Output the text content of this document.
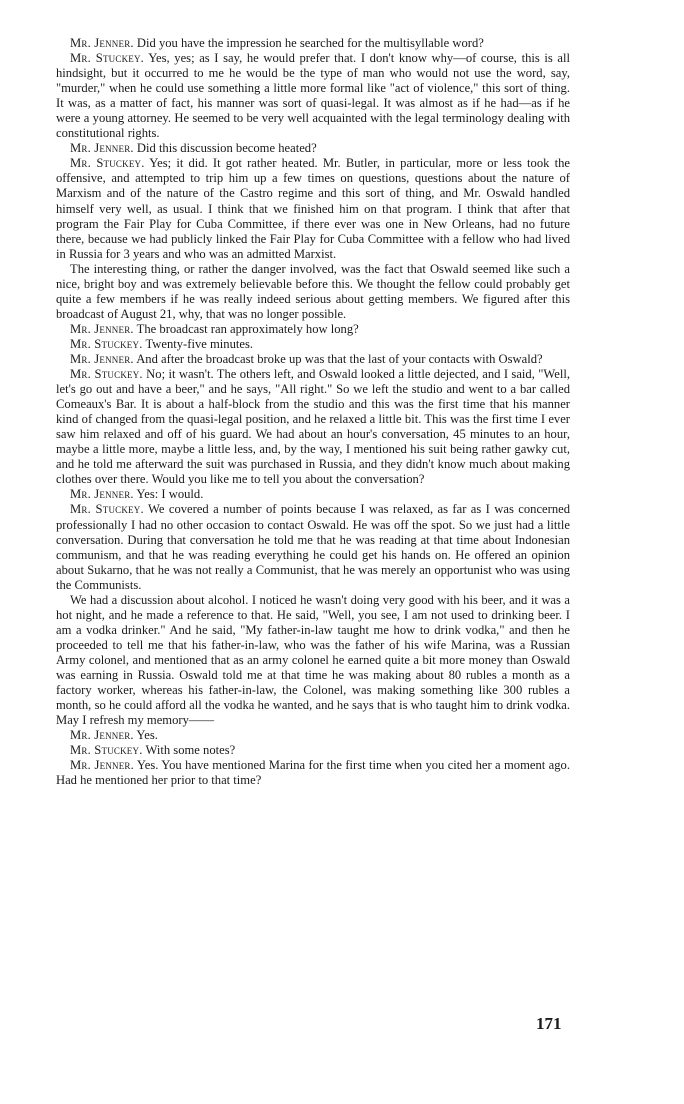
Mr. Jenner. Did you have the impression he searched for the multisyllable word?

Mr. Stuckey. Yes, yes; as I say, he would prefer that. I don't know why—of course, this is all hindsight, but it occurred to me he would be the type of man who would not use the word, say, "murder," when he could use something a little more formal like "act of violence," this sort of thing. It was, as a matter of fact, his manner was sort of quasi-legal. It was almost as if he had—as if he were a young attorney. He seemed to be very well acquainted with the legal terminology dealing with constitutional rights.

Mr. Jenner. Did this discussion become heated?

Mr. Stuckey. Yes; it did. It got rather heated. Mr. Butler, in particular, more or less took the offensive, and attempted to trip him up a few times on questions, questions about the nature of Marxism and of the nature of the Castro regime and this sort of thing, and Mr. Oswald handled himself very well, as usual. I think that we finished him on that program. I think that after that program the Fair Play for Cuba Committee, if there ever was one in New Orleans, had no future there, because we had publicly linked the Fair Play for Cuba Committee with a fellow who had lived in Russia for 3 years and who was an admitted Marxist.

The interesting thing, or rather the danger involved, was the fact that Oswald seemed like such a nice, bright boy and was extremely believable before this. We thought the fellow could probably get quite a few members if he was really indeed serious about getting members. We figured after this broadcast of August 21, why, that was no longer possible.

Mr. Jenner. The broadcast ran approximately how long?

Mr. Stuckey. Twenty-five minutes.

Mr. Jenner. And after the broadcast broke up was that the last of your contacts with Oswald?

Mr. Stuckey. No; it wasn't. The others left, and Oswald looked a little dejected, and I said, "Well, let's go out and have a beer," and he says, "All right." So we left the studio and went to a bar called Comeaux's Bar. It is about a half-block from the studio and this was the first time that his manner kind of changed from the quasi-legal position, and he relaxed a little bit. This was the first time I ever saw him relaxed and off of his guard. We had about an hour's conversation, 45 minutes to an hour, maybe a little more, maybe a little less, and, by the way, I mentioned his suit being rather gawky cut, and he told me afterward the suit was purchased in Russia, and they didn't know much about making clothes over there. Would you like me to tell you about the conversation?

Mr. Jenner. Yes: I would.

Mr. Stuckey. We covered a number of points because I was relaxed, as far as I was concerned professionally I had no other occasion to contact Oswald. He was off the spot. So we just had a little conversation. During that conversation he told me that he was reading at that time about Indonesian communism, and that he was reading everything he could get his hands on. He offered an opinion about Sukarno, that he was not really a Communist, that he was merely an opportunist who was using the Communists.

We had a discussion about alcohol. I noticed he wasn't doing very good with his beer, and it was a hot night, and he made a reference to that. He said, "Well, you see, I am not used to drinking beer. I am a vodka drinker." And he said, "My father-in-law taught me how to drink vodka," and then he proceeded to tell me that his father-in-law, who was the father of his wife Marina, was a Russian Army colonel, and mentioned that as an army colonel he earned quite a bit more money than Oswald was earning in Russia. Oswald told me at that time he was making about 80 rubles a month as a factory worker, whereas his father-in-law, the Colonel, was making something like 300 rubles a month, so he could afford all the vodka he wanted, and he says that is who taught him to drink vodka. May I refresh my memory——

Mr. Jenner. Yes.

Mr. Stuckey. With some notes?

Mr. Jenner. Yes. You have mentioned Marina for the first time when you cited her a moment ago. Had he mentioned her prior to that time?

171
